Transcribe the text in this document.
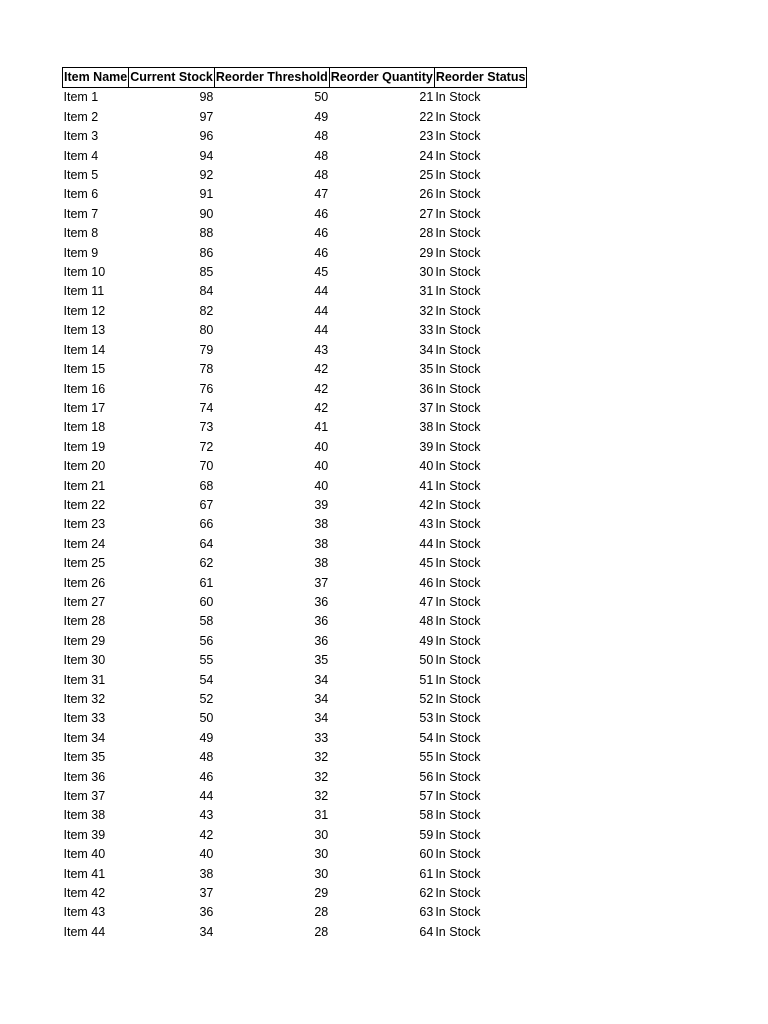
Item Name	Current Stock	Reorder Threshold	Reorder Quantity	Reorder Status

Item 1	98	50	21	In Stock
Item 2	97	49	22	In Stock
Item 3	96	48	23	In Stock
Item 4	94	48	24	In Stock
Item 5	92	48	25	In Stock
Item 6	91	47	26	In Stock
Item 7	90	46	27	In Stock
Item 8	88	46	28	In Stock
Item 9	86	46	29	In Stock
Item 10	85	45	30	In Stock
Item 11	84	44	31	In Stock
Item 12	82	44	32	In Stock
Item 13	80	44	33	In Stock
Item 14	79	43	34	In Stock
Item 15	78	42	35	In Stock
Item 16	76	42	36	In Stock
Item 17	74	42	37	In Stock
Item 18	73	41	38	In Stock
Item 19	72	40	39	In Stock
Item 20	70	40	40	In Stock
Item 21	68	40	41	In Stock
Item 22	67	39	42	In Stock
Item 23	66	38	43	In Stock
Item 24	64	38	44	In Stock
Item 25	62	38	45	In Stock
Item 26	61	37	46	In Stock
Item 27	60	36	47	In Stock
Item 28	58	36	48	In Stock
Item 29	56	36	49	In Stock
Item 30	55	35	50	In Stock
Item 31	54	34	51	In Stock
Item 32	52	34	52	In Stock
Item 33	50	34	53	In Stock
Item 34	49	33	54	In Stock
Item 35	48	32	55	In Stock
Item 36	46	32	56	In Stock
Item 37	44	32	57	In Stock
Item 38	43	31	58	In Stock
Item 39	42	30	59	In Stock
Item 40	40	30	60	In Stock
Item 41	38	30	61	In Stock
Item 42	37	29	62	In Stock
Item 43	36	28	63	In Stock
Item 44	34	28	64	In Stock
